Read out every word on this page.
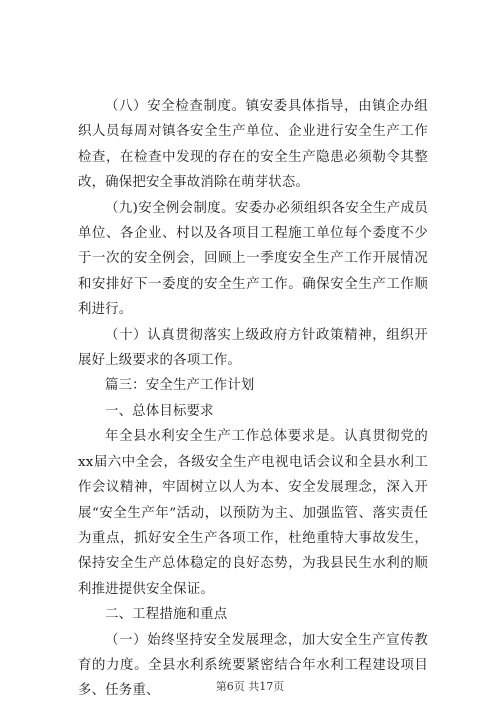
（八）安全检查制度。镇安委具体指导，由镇企办组织人员每周对镇各安全生产单位、企业进行安全生产工作检查，在检查中发现的存在的安全生产隐患必须勒令其整改，确保把安全事故消除在萌芽状态。

（九)安全例会制度。安委办必须组织各安全生产成员单位、各企业、村以及各项目工程施工单位每个委度不少于一次的安全例会，回顾上一季度安全生产工作开展情况和安排好下一委度的安全生产工作。确保安全生产工作顺利进行。

（十）认真贯彻落实上级政府方针政策精神，组织开展好上级要求的各项工作。

篇三：安全生产工作计划

一、总体目标要求

年全县水利安全生产工作总体要求是。认真贯彻党的xx届六中全会，各级安全生产电视电话会议和全县水利工作会议精神，牢固树立以人为本、安全发展理念，深入开展“安全生产年”活动，以预防为主、加强监管、落实责任为重点，抓好安全生产各项工作，杜绝重特大事故发生，保持安全生产总体稳定的良好态势，为我县民生水利的顺利推进提供安全保证。

二、工程措施和重点

（一）始终坚持安全发展理念，加大安全生产宣传教育的力度。全县水利系统要紧密结合年水利工程建设项目多、任务重、	第6页 共17页
